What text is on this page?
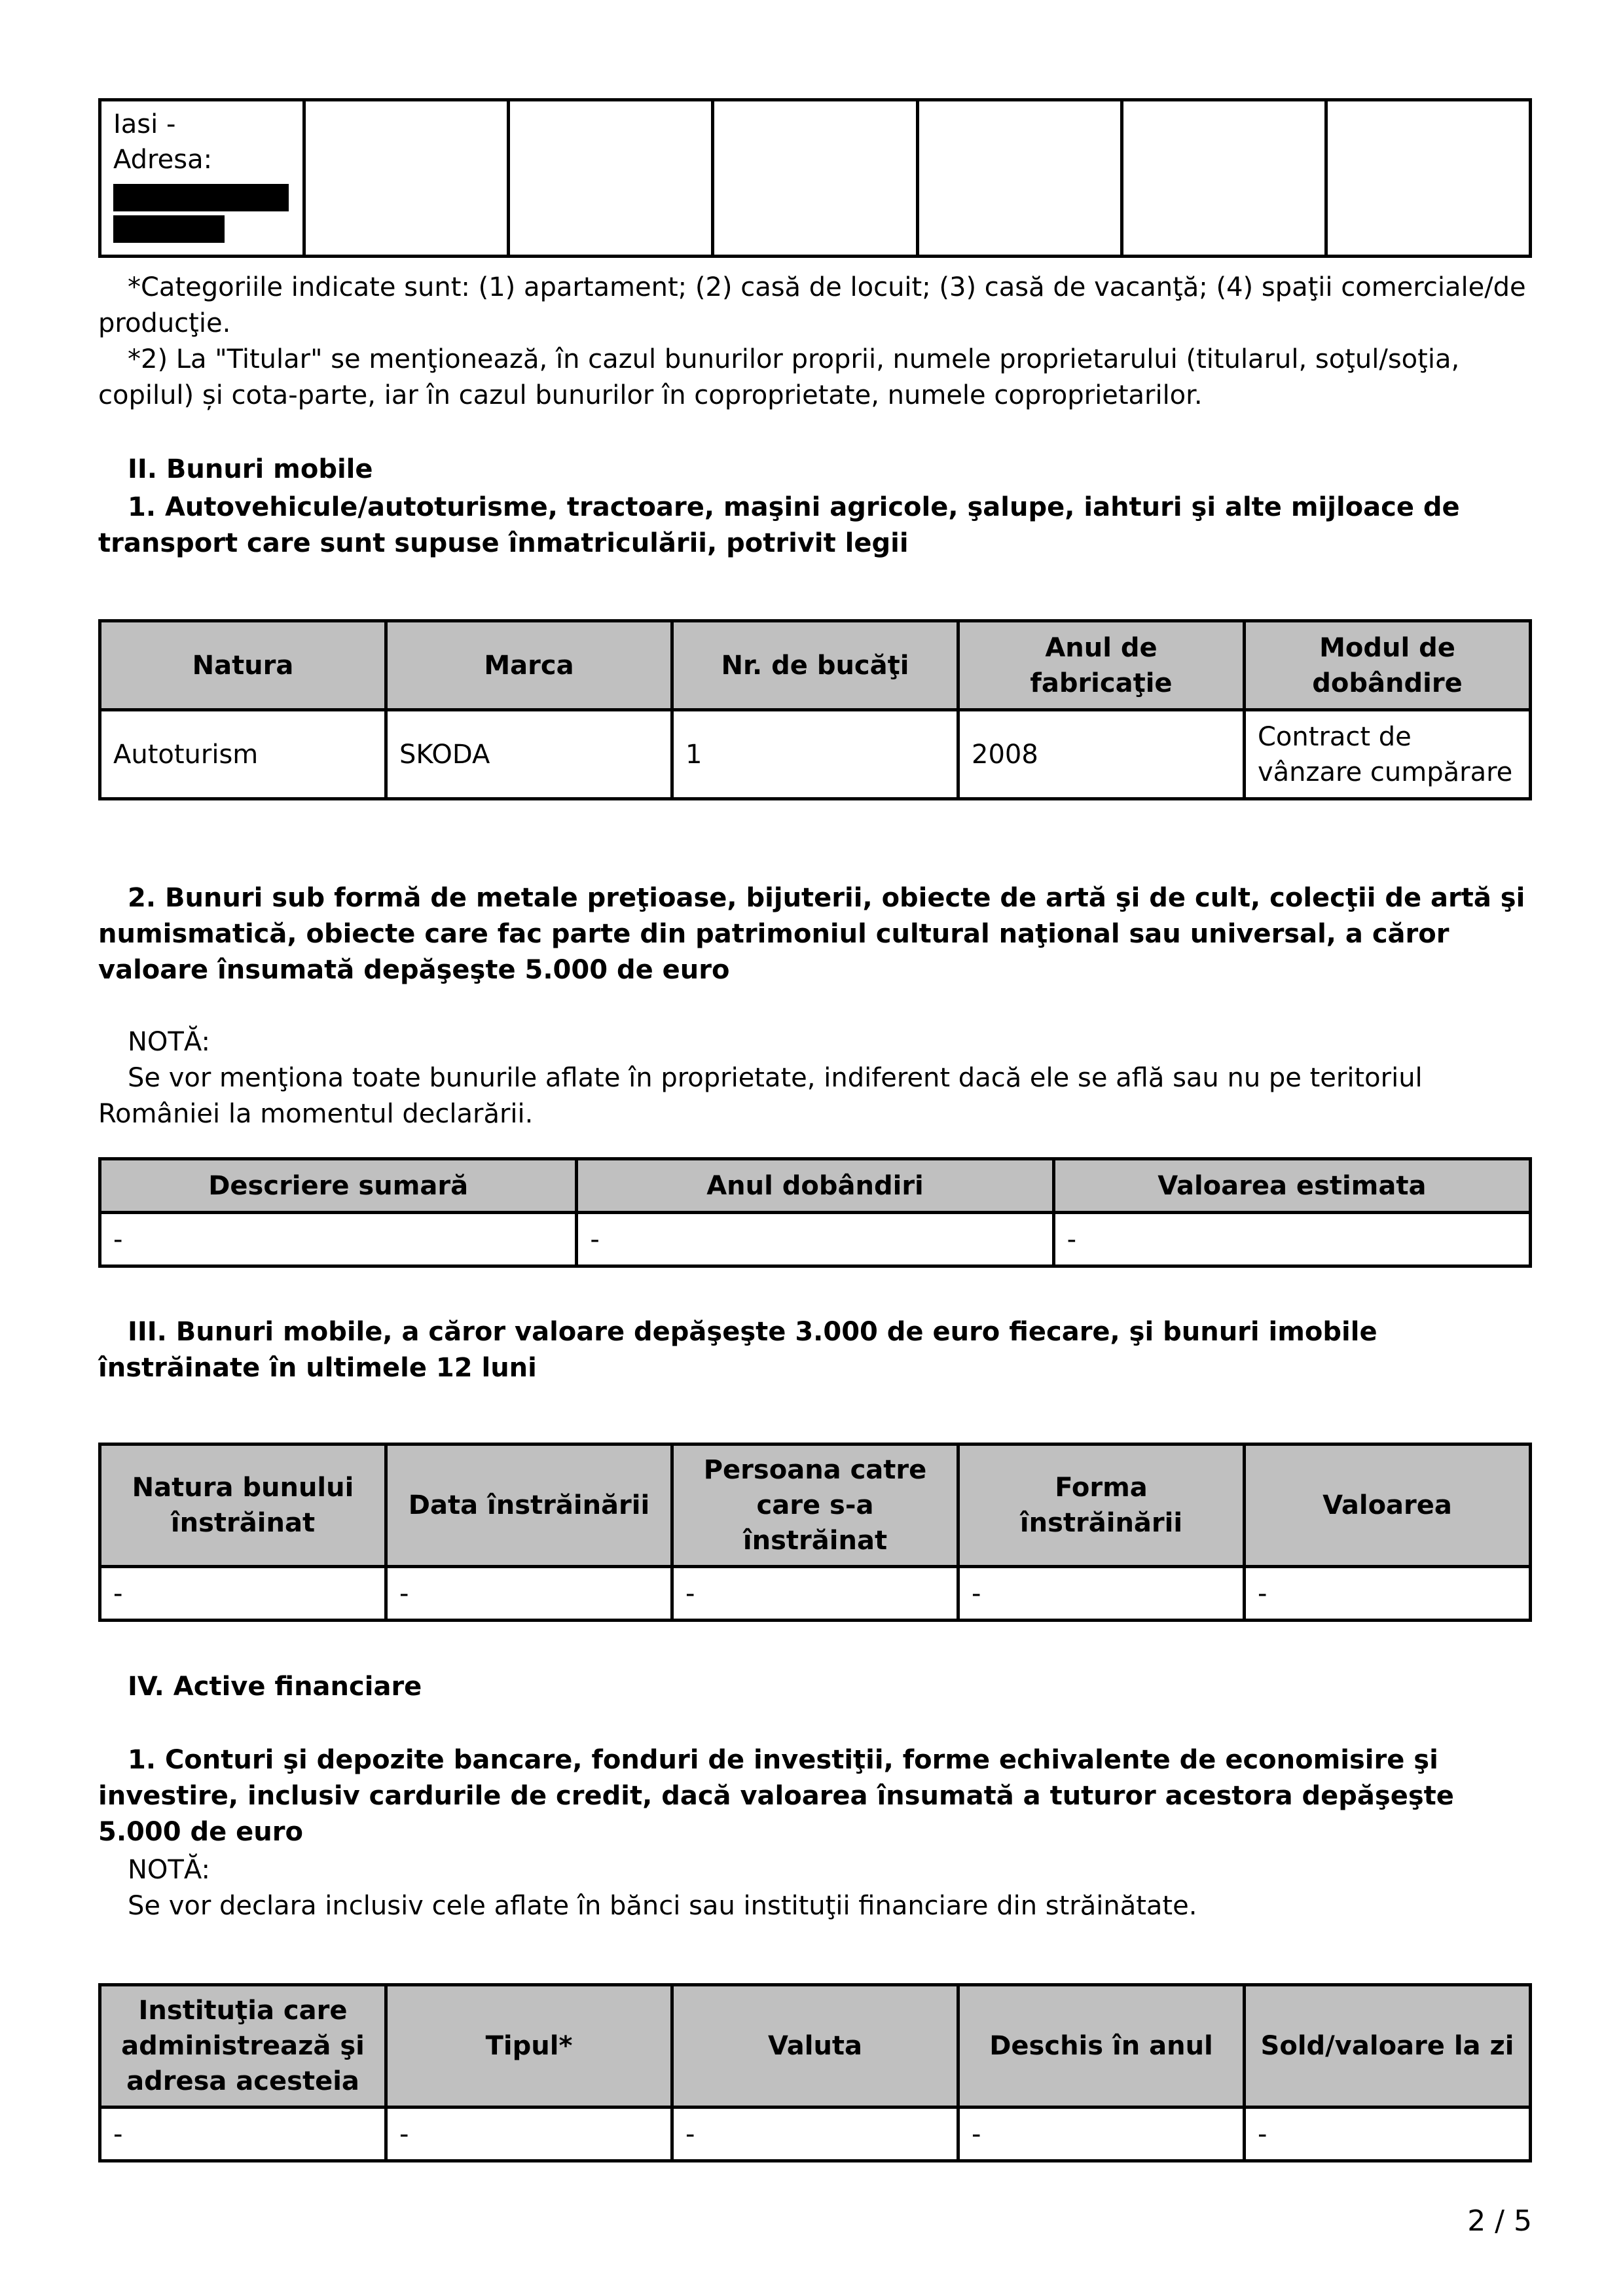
Iasi -
Adresa:

*Categoriile indicate sunt: (1) apartament; (2) casă de locuit; (3) casă de vacanţă; (4) spaţii comerciale/de producţie.

*2) La "Titular" se menţionează, în cazul bunurilor proprii, numele proprietarului (titularul, soţul/soţia, copilul) și cota-parte, iar în cazul bunurilor în coproprietate, numele coproprietarilor.

II. Bunuri mobile

1. Autovehicule/autoturisme, tractoare, maşini agricole, şalupe, iahturi şi alte mijloace de transport care sunt supuse înmatriculării, potrivit legii

Natura	Marca	Nr. de bucăţi	Anul de fabricaţie	Modul de dobândire
Autoturism	SKODA	1	2008	Contract de vânzare cumpărare

2. Bunuri sub formă de metale preţioase, bijuterii, obiecte de artă şi de cult, colecţii de artă şi numismatică, obiecte care fac parte din patrimoniul cultural naţional sau universal, a căror valoare însumată depăşeşte 5.000 de euro

NOTĂ:

Se vor menţiona toate bunurile aflate în proprietate, indiferent dacă ele se află sau nu pe teritoriul României la momentul declarării.

Descriere sumară	Anul dobândiri	Valoarea estimata
-	-	-

III. Bunuri mobile, a căror valoare depăşeşte 3.000 de euro fiecare, şi bunuri imobile înstrăinate în ultimele 12 luni

Natura bunului înstrăinat	Data înstrăinării	Persoana catre care s-a înstrăinat	Forma înstrăinării	Valoarea
-	-	-	-	-

IV. Active financiare

1. Conturi şi depozite bancare, fonduri de investiţii, forme echivalente de economisire şi investire, inclusiv cardurile de credit, dacă valoarea însumată a tuturor acestora depăşeşte 5.000 de euro

NOTĂ:

Se vor declara inclusiv cele aflate în bănci sau instituţii financiare din străinătate.

Instituţia care administrează şi adresa acesteia	Tipul*	Valuta	Deschis în anul	Sold/valoare la zi
-	-	-	-	-
2 / 5
